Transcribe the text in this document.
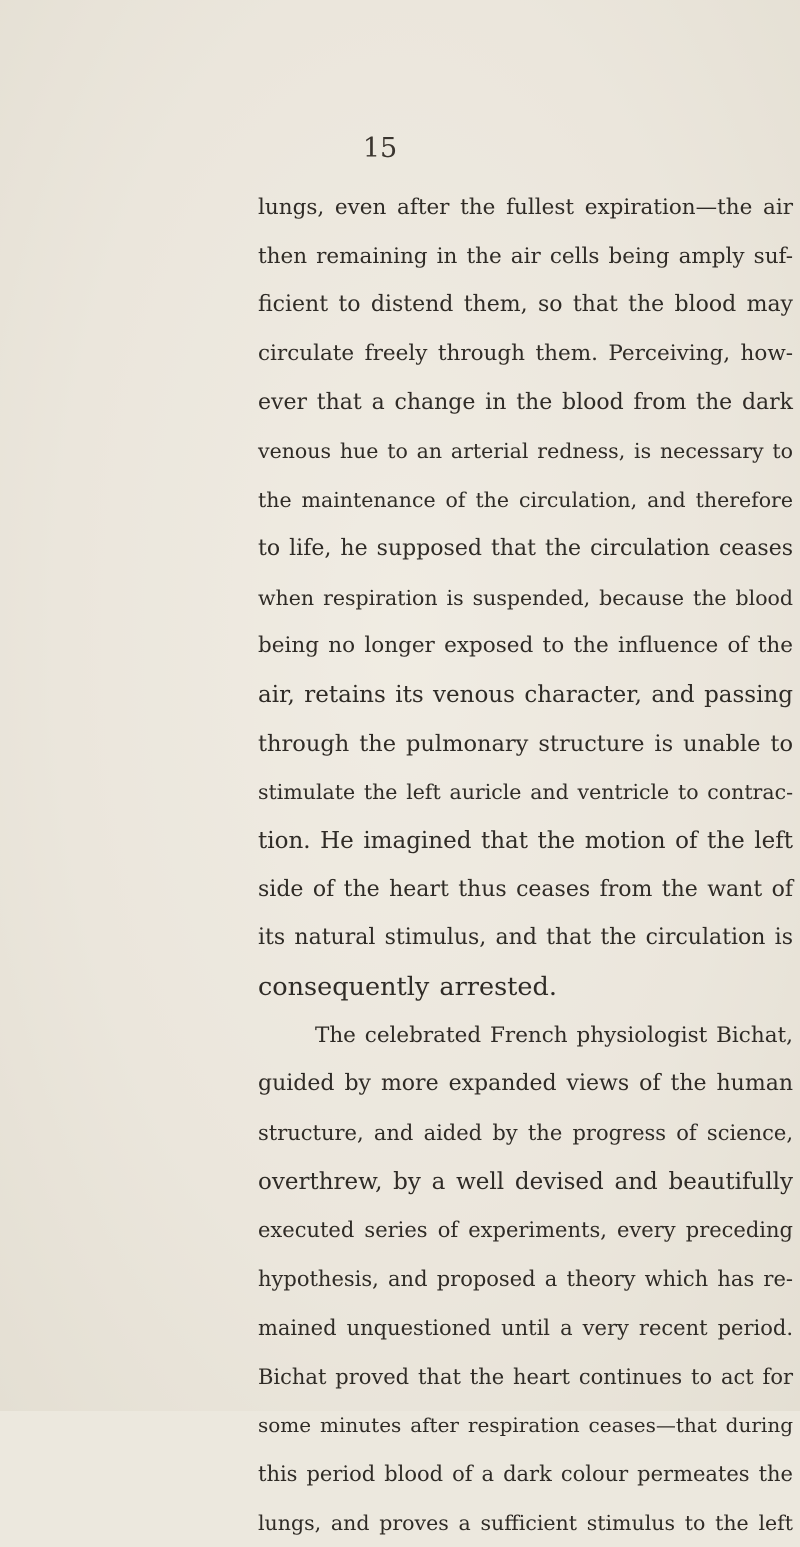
15
lungs, even after the fullest expiration—the air
then remaining in the air cells being amply suf-
ficient to distend them, so that the blood may
circulate freely through them. Perceiving, how-
ever that a change in the blood from the dark
venous hue to an arterial redness, is necessary to
the maintenance of the circulation, and therefore
to life, he supposed that the circulation ceases
when respiration is suspended, because the blood
being no longer exposed to the influence of the
air, retains its venous character, and passing
through the pulmonary structure is unable to
stimulate the left auricle and ventricle to contrac-
tion. He imagined that the motion of the left
side of the heart thus ceases from the want of
its natural stimulus, and that the circulation is
consequently arrested.
The celebrated French physiologist Bichat,
guided by more expanded views of the human
structure, and aided by the progress of science,
overthrew, by a well devised and beautifully
executed series of experiments, every preceding
hypothesis, and proposed a theory which has re-
mained unquestioned until a very recent period.
Bichat proved that the heart continues to act for
some minutes after respiration ceases—that during
this period blood of a dark colour permeates the
lungs, and proves a sufficient stimulus to the left
